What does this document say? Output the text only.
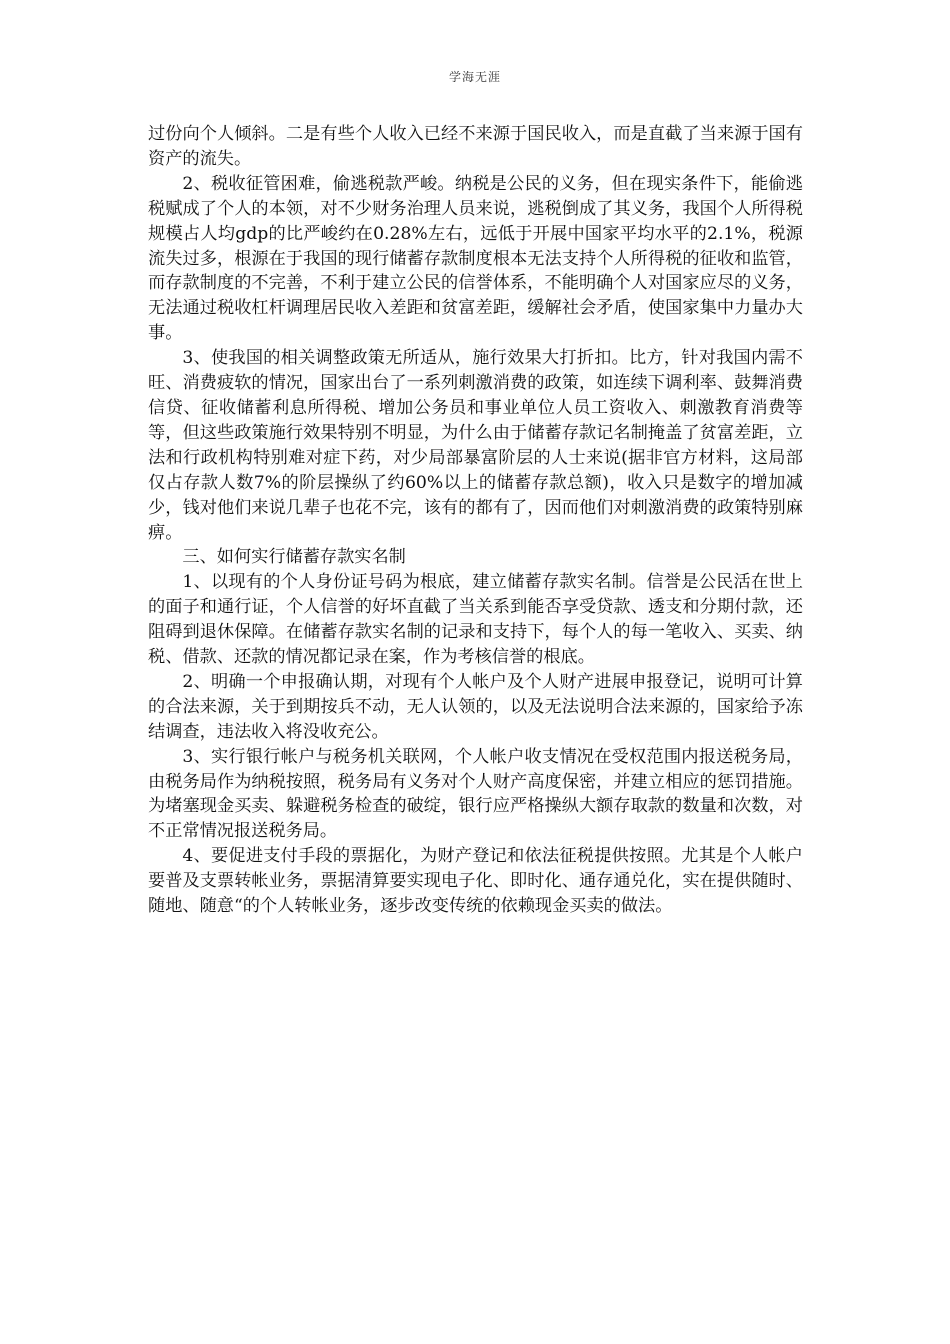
学海无涯

过份向个人倾斜。二是有些个人收入已经不来源于国民收入，而是直截了当来源于国有资产的流失。

2、税收征管困难，偷逃税款严峻。纳税是公民的义务，但在现实条件下，能偷逃税赋成了个人的本领，对不少财务治理人员来说，逃税倒成了其义务，我国个人所得税规模占人均gdp的比严峻约在0.28%左右，远低于开展中国家平均水平的2.1%，税源流失过多，根源在于我国的现行储蓄存款制度根本无法支持个人所得税的征收和监管，而存款制度的不完善，不利于建立公民的信誉体系，不能明确个人对国家应尽的义务，无法通过税收杠杆调理居民收入差距和贫富差距，缓解社会矛盾，使国家集中力量办大事。

3、使我国的相关调整政策无所适从，施行效果大打折扣。比方，针对我国内需不旺、消费疲软的情况，国家出台了一系列刺激消费的政策，如连续下调利率、鼓舞消费信贷、征收储蓄利息所得税、增加公务员和事业单位人员工资收入、刺激教育消费等等，但这些政策施行效果特别不明显，为什么由于储蓄存款记名制掩盖了贫富差距，立法和行政机构特别难对症下药，对少局部暴富阶层的人士来说(据非官方材料，这局部仅占存款人数7%的阶层操纵了约60%以上的储蓄存款总额)，收入只是数字的增加减少，钱对他们来说几辈子也花不完，该有的都有了，因而他们对刺激消费的政策特别麻痹。

三、如何实行储蓄存款实名制

1、以现有的个人身份证号码为根底，建立储蓄存款实名制。信誉是公民活在世上的面子和通行证，个人信誉的好坏直截了当关系到能否享受贷款、透支和分期付款，还阻碍到退休保障。在储蓄存款实名制的记录和支持下，每个人的每一笔收入、买卖、纳税、借款、还款的情况都记录在案，作为考核信誉的根底。

2、明确一个申报确认期，对现有个人帐户及个人财产进展申报登记，说明可计算的合法来源，关于到期按兵不动，无人认领的，以及无法说明合法来源的，国家给予冻结调查，违法收入将没收充公。

3、实行银行帐户与税务机关联网，个人帐户收支情况在受权范围内报送税务局，由税务局作为纳税按照，税务局有义务对个人财产高度保密，并建立相应的惩罚措施。为堵塞现金买卖、躲避税务检查的破绽，银行应严格操纵大额存取款的数量和次数，对不正常情况报送税务局。

4、要促进支付手段的票据化，为财产登记和依法征税提供按照。尤其是个人帐户要普及支票转帐业务，票据清算要实现电子化、即时化、通存通兑化，实在提供随时、随地、随意“的个人转帐业务，逐步改变传统的依赖现金买卖的做法。
